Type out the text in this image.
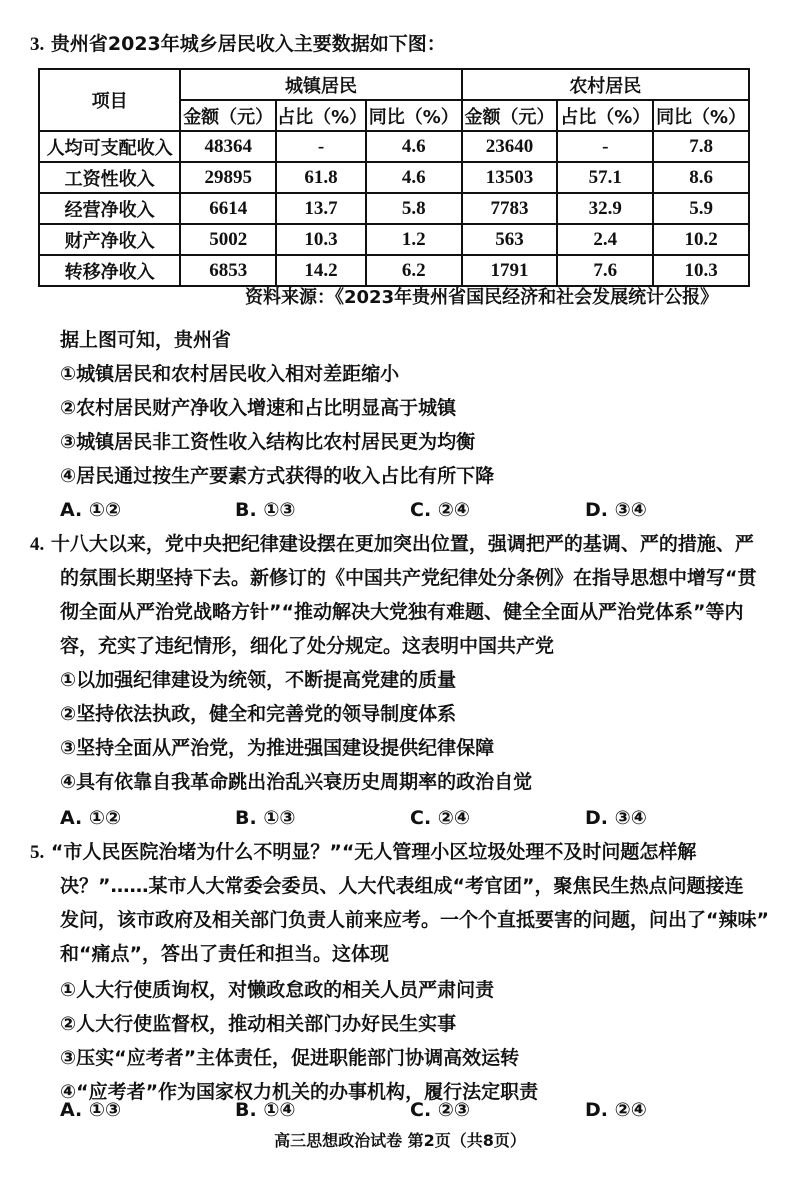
3. 贵州省2023年城乡居民收入主要数据如下图：
项目	城镇居民			农村居民		
	金额（元）	占比（%）	同比（%）	金额（元）	占比（%）	同比（%）
人均可支配收入	48364	-	4.6	23640	-	7.8
工资性收入	29895	61.8	4.6	13503	57.1	8.6
经营净收入	6614	13.7	5.8	7783	32.9	5.9
财产净收入	5002	10.3	1.2	563	2.4	10.2
转移净收入	6853	14.2	6.2	1791	7.6	10.3
资料来源：《2023年贵州省国民经济和社会发展统计公报》
据上图可知，贵州省
①城镇居民和农村居民收入相对差距缩小
②农村居民财产净收入增速和占比明显高于城镇
③城镇居民非工资性收入结构比农村居民更为均衡
④居民通过按生产要素方式获得的收入占比有所下降
A. ①②	B. ①③	C. ②④	D. ③④
4. 十八大以来，党中央把纪律建设摆在更加突出位置，强调把严的基调、严的措施、严
的氛围长期坚持下去。新修订的《中国共产党纪律处分条例》在指导思想中增写“贯
彻全面从严治党战略方针”“推动解决大党独有难题、健全全面从严治党体系”等内
容，充实了违纪情形，细化了处分规定。这表明中国共产党
①以加强纪律建设为统领，不断提高党建的质量
②坚持依法执政，健全和完善党的领导制度体系
③坚持全面从严治党，为推进强国建设提供纪律保障
④具有依靠自我革命跳出治乱兴衰历史周期率的政治自觉
A. ①②	B. ①③	C. ②④	D. ③④
5. “市人民医院治堵为什么不明显？”“无人管理小区垃圾处理不及时问题怎样解
决？”……某市人大常委会委员、人大代表组成“考官团”，聚焦民生热点问题接连
发问，该市政府及相关部门负责人前来应考。一个个直抵要害的问题，问出了“辣味”
和“痛点”，答出了责任和担当。这体现
①人大行使质询权，对懒政怠政的相关人员严肃问责
②人大行使监督权，推动相关部门办好民生实事
③压实“应考者”主体责任，促进职能部门协调高效运转
④“应考者”作为国家权力机关的办事机构，履行法定职责
A. ①③	B. ①④	C. ②③	D. ②④
高三思想政治试卷 第2页（共8页）
